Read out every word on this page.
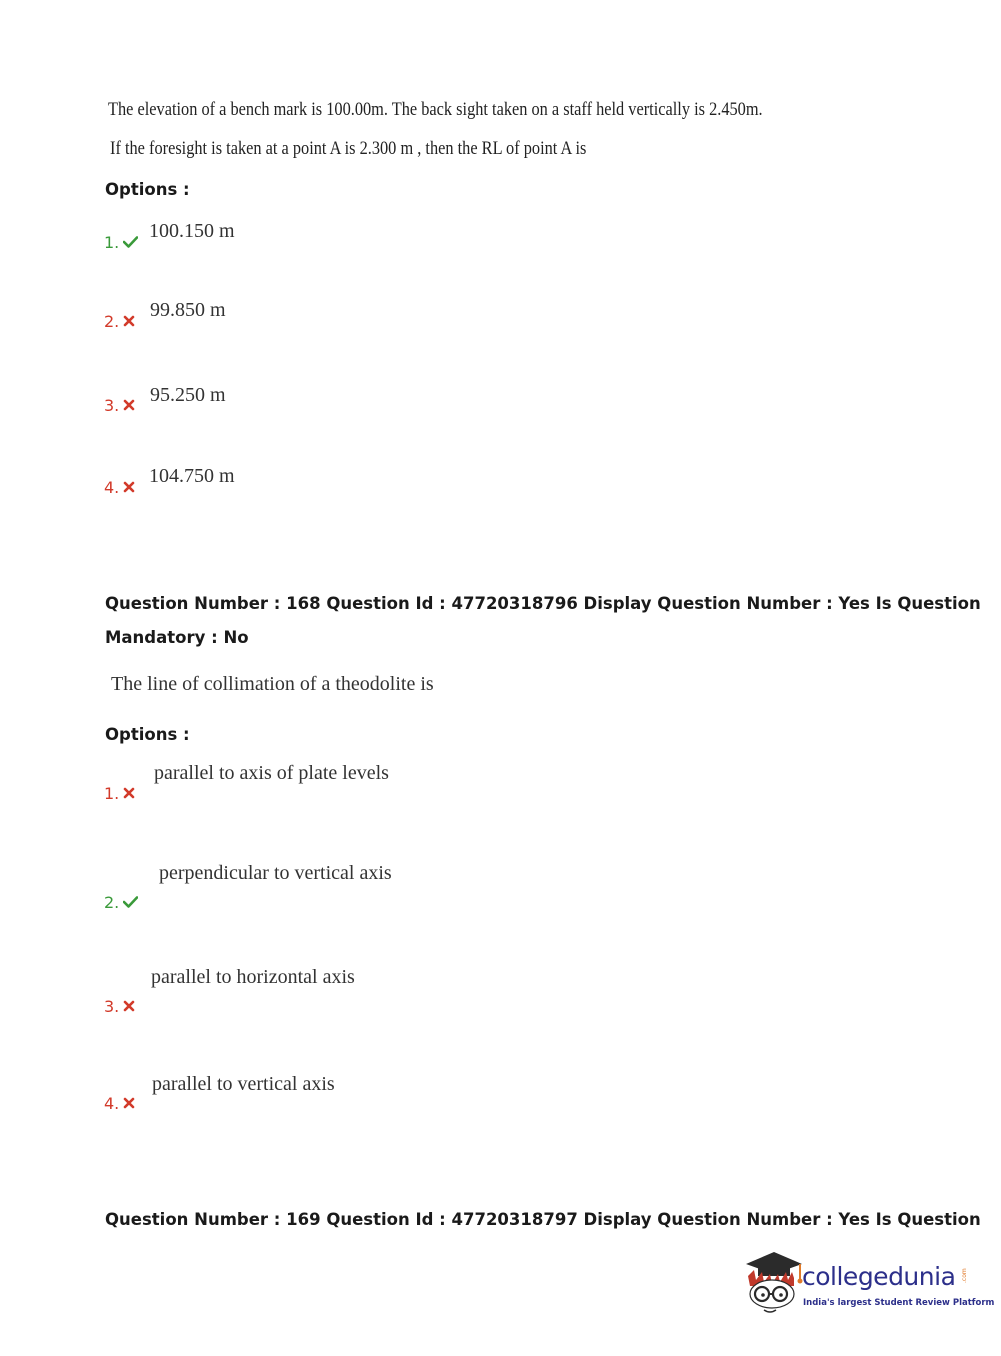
The elevation of a bench mark is 100.00m. The back sight taken on a staff held vertically is 2.450m.
If the foresight is taken at a point A is 2.300 m , then the RL of point A is
Options :
1.
100.150 m
2.
99.850 m
3.	95.250 m
4.
104.750 m
Question Number : 168 Question Id : 47720318796 Display Question Number : Yes Is Question
Mandatory : No
The line of collimation of a theodolite is
Options :
parallel to axis of plate levels
1.
perpendicular to vertical axis
2.
parallel to horizontal axis
3.
parallel to vertical axis
4.
Question Number : 169 Question Id : 47720318797 Display Question Number : Yes Is Question
collegedunia .com
India's largest Student Review Platform
